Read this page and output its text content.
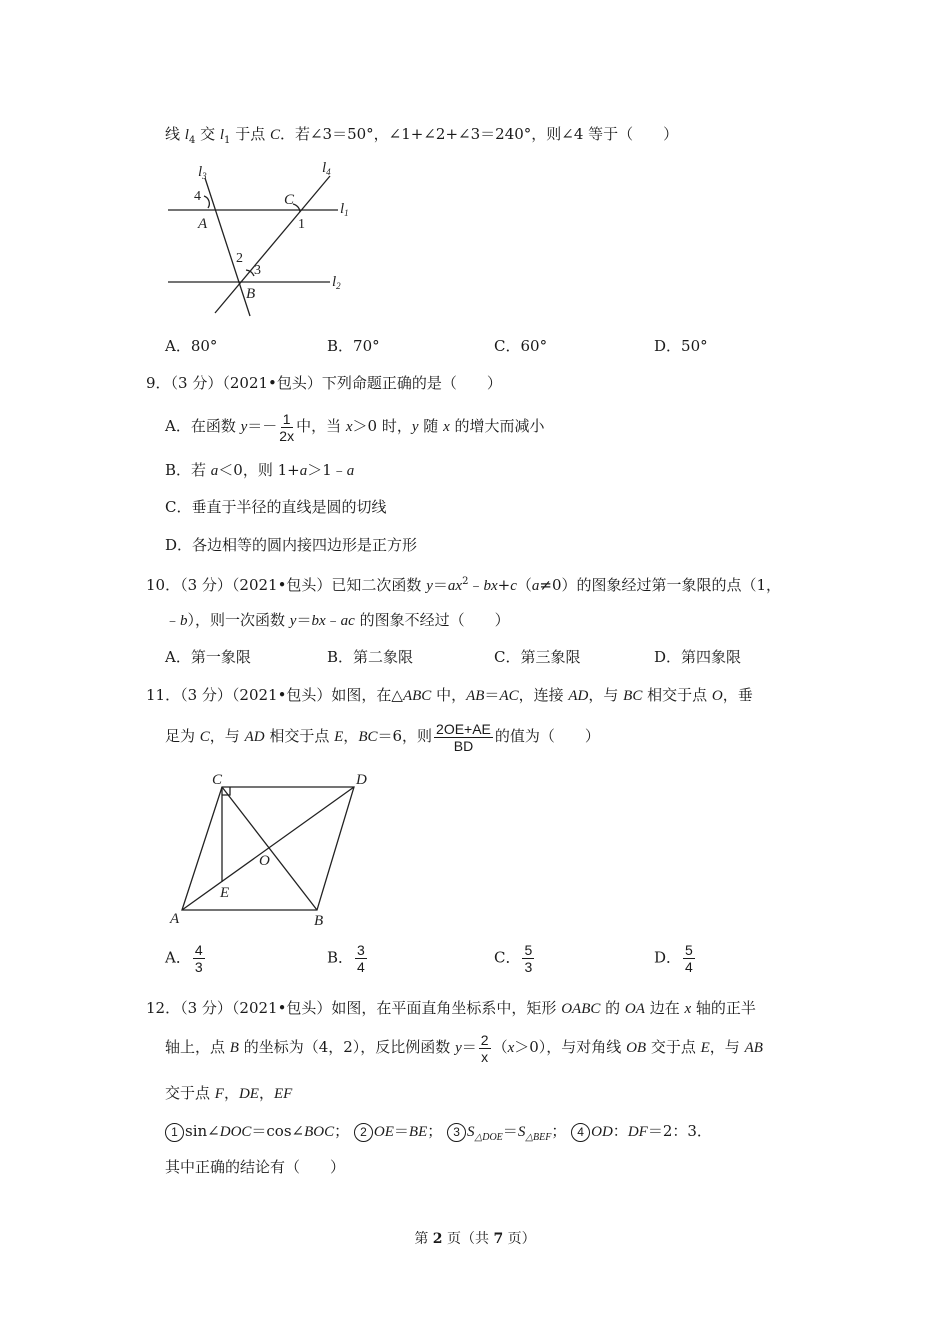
线 $l_4$ 交 $l_1$ 于点 C．若∠3＝50°，∠1+∠2+∠3＝240°，则∠4 等于（　　）
$l_3$	$l_4$
$l_1$
$l_2$
A
C
B
4
1
2
3
A．80°	B．70°	C．60°	D．50°
9．（3 分）（2021•包头）下列命题正确的是（　　）
A．在函数 $y=- \frac{1}{2x}$ 中，当 x＞0 时，y 随 x 的增大而减小
B．若 a＜0，则 1+a＞1﹣a
C．垂直于半径的直线是圆的切线
D．各边相等的圆内接四边形是正方形
10．（3 分）（2021•包头）已知二次函数 $y=ax^2﹣bx+c(a\ne 0)$的图象经过第一象限的点（1，
﹣b），则一次函数 y＝bx﹣ac 的图象不经过（　　）
A．第一象限	B．第二象限	C．第三象限	D．第四象限
11．（3 分）（2021•包头）如图，在△ABC 中，AB＝AC，连接 AD，与 BC 相交于点 O，垂
足为 C，与 AD 相交于点 E，BC＝6，则 $\frac{2OE+AE}{BD}$ 的值为（　　）
C	D
O
E
A	B
A． $\frac{4}{3}$	B． $\frac{3}{4}$	C． $\frac{5}{3}$	D． $\frac{5}{4}$
12．（3 分）（2021•包头）如图，在平面直角坐标系中，矩形 OABC 的 OA 边在 x 轴的正半
轴上，点 B 的坐标为（4，2），反比例函数 $y= \frac{2}{x} (x>0)$，与对角线 OB 交于点 E，与 AB
交于点 F，DE，EF
1 sin∠DOC＝cos∠BOC； 2 OE＝BE； 3 $S_{\triangle DOE}=S_{\triangle BEF}$； 4 OD：DF＝2：3．
其中正确的结论有（　　）
第 2 页（共 7 页）
